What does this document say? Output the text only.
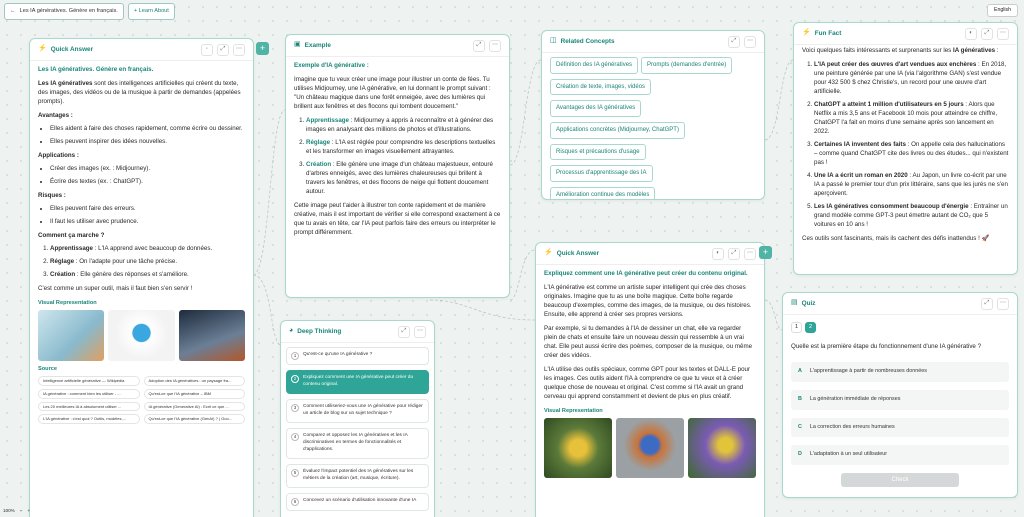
← Les IA génératives. Génère en français.	+ Learn About	English
⚡ Quick Answer	◦	⤢	⋯

Les IA génératives. Génère en français.

Les IA génératives sont des intelligences artificielles qui créent du texte, des images, des vidéos ou de la musique à partir de demandes (appelées prompts).

Avantages :
• Elles aident à faire des choses rapidement, comme écrire ou dessiner.
• Elles peuvent inspirer des idées nouvelles.
Applications :
• Créer des images (ex. : Midjourney).
• Écrire des textes (ex. : ChatGPT).
Risques :
• Elles peuvent faire des erreurs.
• Il faut les utiliser avec prudence.
Comment ça marche ?
1. Apprentissage : L'IA apprend avec beaucoup de données.
2. Réglage : On l'adapte pour une tâche précise.
3. Création : Elle génère des réponses et s'améliore.

C'est comme un super outil, mais il faut bien s'en servir !

Visual Representation
Source
Intelligence artificielle générative — Wikipédia	Adoption des IA génératives : un paysage fra...
IA générative : comment bien les utiliser - ...	Qu'est-ce que l'IA générative – IBM
Les 20 meilleures IA à absolument utiliser ...	IA générative (Generative AI) : Ecrit ce que ...
L'IA générative : c'est quoi ? Outils, modèles,...	Qu'est-ce que l'IA générative (GenAI) ? | Goo...
+	▣ Example	⤢	⋯

Exemple d'IA générative :

Imagine que tu veux créer une image pour illustrer un conte de fées. Tu utilises Midjourney, une IA générative, en lui donnant le prompt suivant : "Un château magique dans une forêt enneigée, avec des lumières qui brillent aux fenêtres et des flocons qui tombent doucement."

1. Apprentissage : Midjourney a appris à reconnaître et à générer des images en analysant des millions de photos et d'illustrations.
2. Réglage : L'IA est réglée pour comprendre les descriptions textuelles et les transformer en images visuellement attrayantes.
3. Création : Elle génère une image d'un château majestueux, entouré d'arbres enneigés, avec des lumières chaleureuses qui brillent à travers les fenêtres, et des flocons de neige qui flottent doucement autour.

Cette image peut t'aider à illustrer ton conte rapidement et de manière créative, mais il est important de vérifier si elle correspond exactement à ce que tu avais en tête, car l'IA peut parfois faire des erreurs ou interpréter le prompt différemment.

◫ Related Concepts	⤢	⋯
Définition des IA génératives	Prompts (demandes d'entrée) Création de texte, images, vidéos
Avantages des IA génératives
Applications concrètes (Midjourney, ChatGPT)
Risques et précautions d'usage
Processus d'apprentissage des IA
Amélioration continue des modèles
⚡ Fun Fact	◐	⤢	⋯

Voici quelques faits intéressants et surprenants sur les IA génératives :

1. L'IA peut créer des œuvres d'art vendues aux enchères : En 2018, une peinture générée par une IA (via l'algorithme GAN) s'est vendue pour 432 500 $ chez Christie's, un record pour une œuvre d'art artificielle.
2. ChatGPT a atteint 1 million d'utilisateurs en 5 jours : Alors que Netflix a mis 3,5 ans et Facebook 10 mois pour atteindre ce chiffre, ChatGPT l'a fait en moins d'une semaine après son lancement en 2022.
3. Certaines IA inventent des faits : On appelle cela des hallucinations – comme quand ChatGPT cite des livres ou des études... qui n'existent pas !
4. Une IA a écrit un roman en 2020 : Au Japon, un livre co-écrit par une IA a passé le premier tour d'un prix littéraire, sans que les jurés ne s'en aperçoivent.
5. Les IA génératives consomment beaucoup d'énergie : Entraîner un grand modèle comme GPT-3 peut émettre autant de CO₂ que 5 voitures en 10 ans !

Ces outils sont fascinants, mais ils cachent des défis inattendus ! 🚀

⚡ Quick Answer	◐	⤢	⋯

Expliquez comment une IA générative peut créer du contenu original.

L'IA générative est comme un artiste super intelligent qui crée des choses originales. Imagine que tu as une boîte magique. Cette boîte regarde beaucoup d'exemples, comme des images, de la musique, ou des histoires. Ensuite, elle apprend à créer ses propres versions.

Par exemple, si tu demandes à l'IA de dessiner un chat, elle va regarder plein de chats et ensuite faire un nouveau dessin qui ressemble à un vrai chat. Elle peut aussi écrire des poèmes, composer de la musique, ou même créer des vidéos.

L'IA utilise des outils spéciaux, comme GPT pour les textes et DALL-E pour les images. Ces outils aident l'IA à comprendre ce que tu veux et à créer quelque chose de nouveau et original. C'est comme si l'IA avait un grand cerveau qui apprend constamment et devient de plus en plus créatif.

Visual Representation
+
◕ Deep Thinking	⤢	⋯
1	Qu'est-ce qu'une IA générative ?
2	Expliquez comment une IA générative peut créer du contenu original.
3	Comment utiliseriez-vous une IA générative pour rédiger un article de blog sur un sujet technique ?
4	Comparez et opposez les IA génératives et les IA discriminatives en termes de fonctionnalités et d'applications.
5	Évaluez l'impact potentiel des IA génératives sur les métiers de la création (art, musique, écriture).
6	Concevez un scénario d'utilisation innovante d'une IA
▤ Quiz	⤢	⋯
1 2

Quelle est la première étape du fonctionnement d'une IA générative ?

A L'apprentissage à partir de nombreuses données
B La génération immédiate de réponses
C La correction des erreurs humaines
D L'adaptation à un seul utilisateur
Check
100% − +
